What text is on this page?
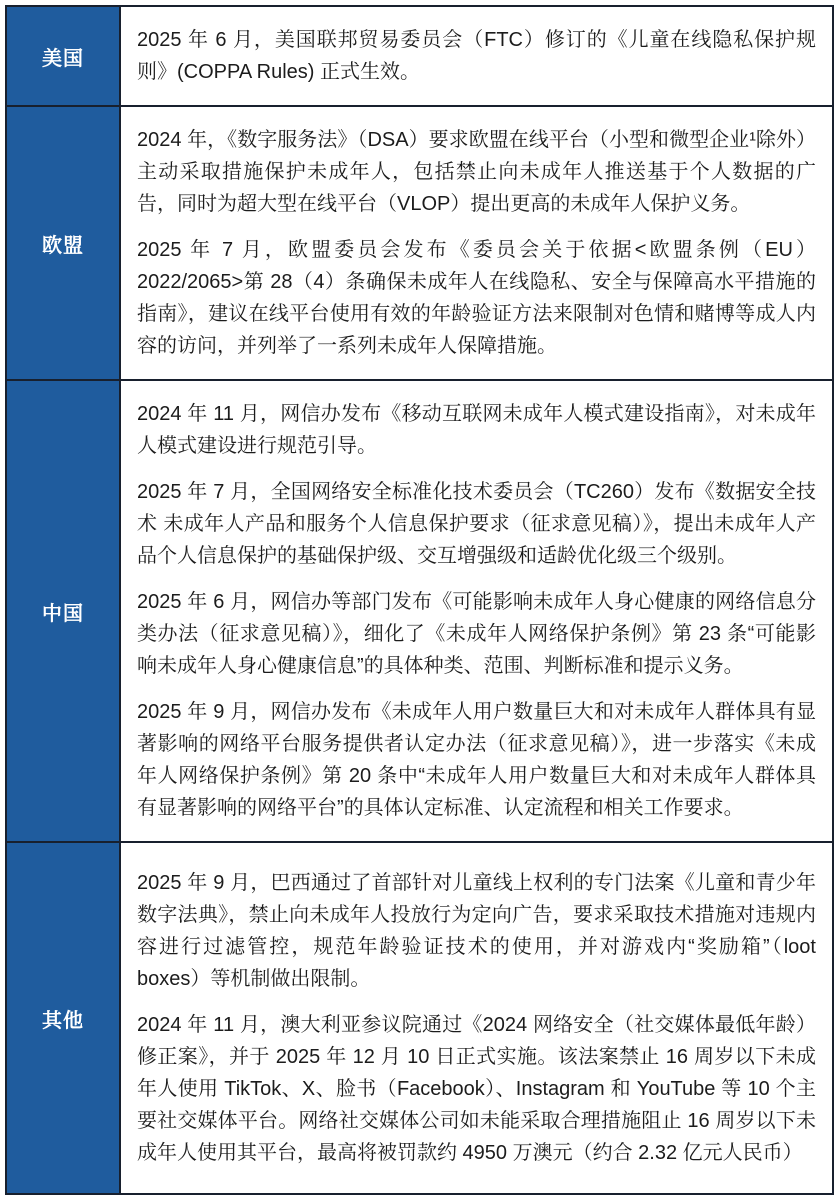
美国

2025 年 6 月，美国联邦贸易委员会（FTC）修订的《儿童在线隐私保护规则》(COPPA Rules) 正式生效。

欧盟

2024 年，《数字服务法》（DSA）要求欧盟在线平台（小型和微型企业¹除外）主动采取措施保护未成年人，包括禁止向未成年人推送基于个人数据的广告，同时为超大型在线平台（VLOP）提出更高的未成年人保护义务。

2025 年 7 月，欧盟委员会发布《委员会关于依据<欧盟条例（EU）2022/2065>第 28（4）条确保未成年人在线隐私、安全与保障高水平措施的指南》，建议在线平台使用有效的年龄验证方法来限制对色情和赌博等成人内容的访问，并列举了一系列未成年人保障措施。

中国

2024 年 11 月，网信办发布《移动互联网未成年人模式建设指南》，对未成年人模式建设进行规范引导。

2025 年 7 月，全国网络安全标准化技术委员会（TC260）发布《数据安全技术 未成年人产品和服务个人信息保护要求（征求意见稿）》，提出未成年人产品个人信息保护的基础保护级、交互增强级和适龄优化级三个级别。

2025 年 6 月，网信办等部门发布《可能影响未成年人身心健康的网络信息分类办法（征求意见稿）》，细化了《未成年人网络保护条例》第 23 条“可能影响未成年人身心健康信息”的具体种类、范围、判断标准和提示义务。

2025 年 9 月，网信办发布《未成年人用户数量巨大和对未成年人群体具有显著影响的网络平台服务提供者认定办法（征求意见稿）》，进一步落实《未成年人网络保护条例》第 20 条中“未成年人用户数量巨大和对未成年人群体具有显著影响的网络平台”的具体认定标准、认定流程和相关工作要求。

其他

2025 年 9 月，巴西通过了首部针对儿童线上权利的专门法案《儿童和青少年数字法典》，禁止向未成年人投放行为定向广告，要求采取技术措施对违规内容进行过滤管控，规范年龄验证技术的使用，并对游戏内“奖励箱”（loot boxes）等机制做出限制。

2024 年 11 月，澳大利亚参议院通过《2024 网络安全（社交媒体最低年龄）修正案》，并于 2025 年 12 月 10 日正式实施。该法案禁止 16 周岁以下未成年人使用 TikTok、X、脸书（Facebook）、Instagram 和 YouTube 等 10 个主要社交媒体平台。网络社交媒体公司如未能采取合理措施阻止 16 周岁以下未成年人使用其平台，最高将被罚款约 4950 万澳元（约合 2.32 亿元人民币）
